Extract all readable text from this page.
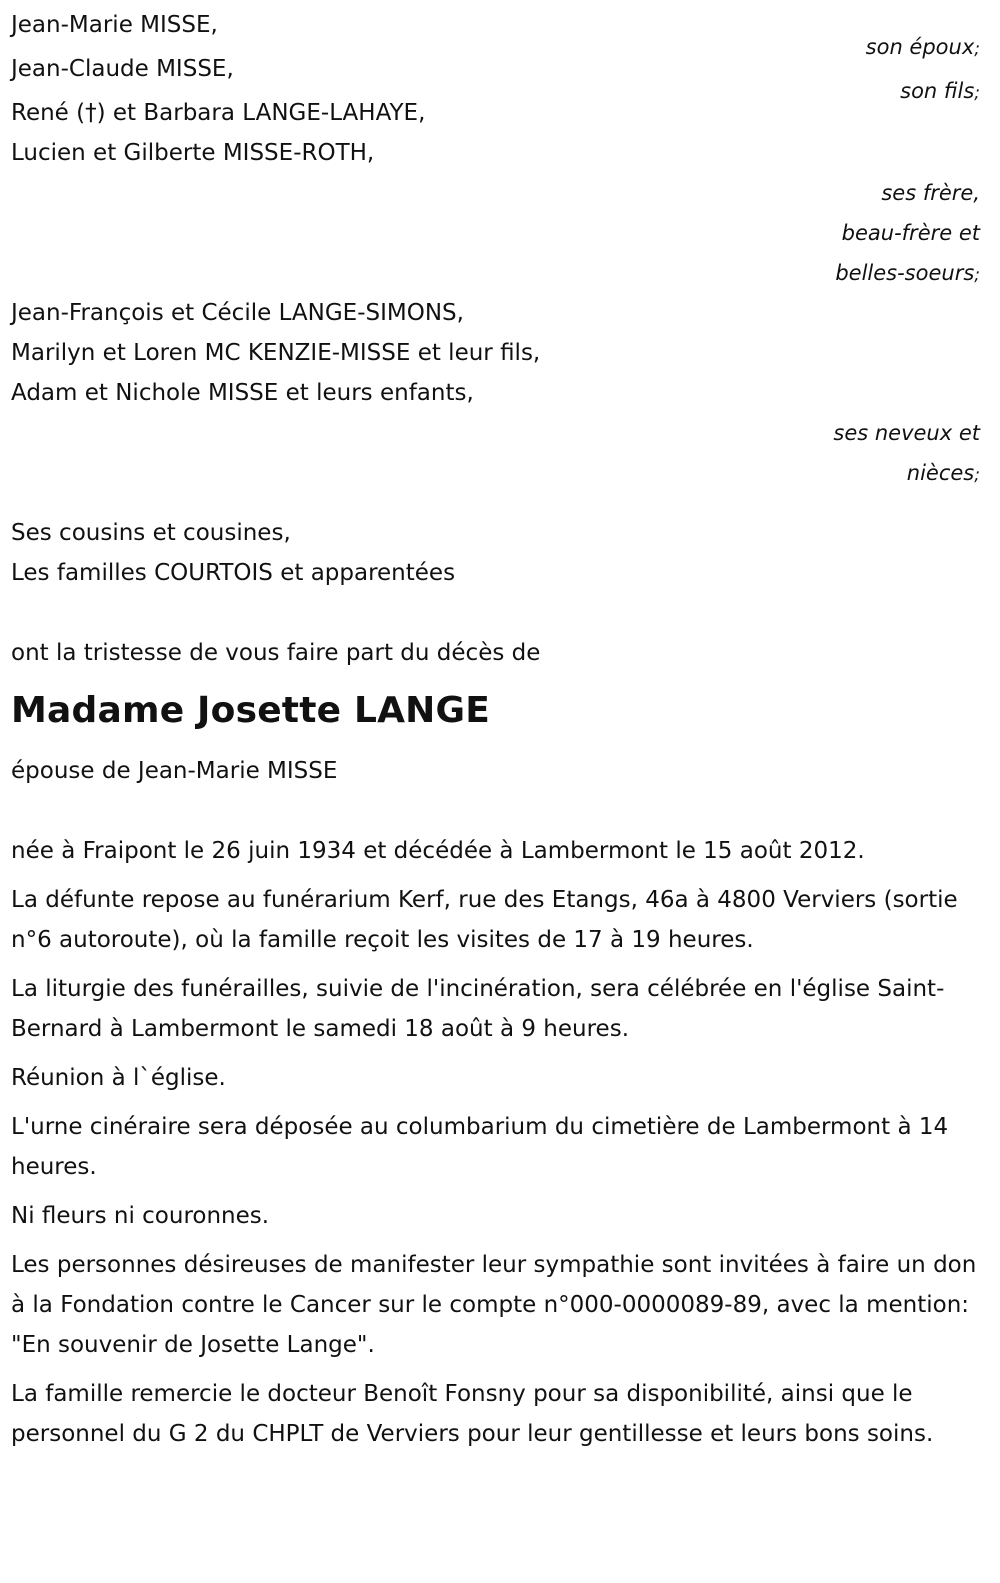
Jean-Marie MISSE,
son époux;
Jean-Claude MISSE,
son fils;
René (†) et Barbara LANGE-LAHAYE,
Lucien et Gilberte MISSE-ROTH,
ses frère,
beau-frère et
belles-soeurs;
Jean-François et Cécile LANGE-SIMONS,
Marilyn et Loren MC KENZIE-MISSE et leur fils,
Adam et Nichole MISSE et leurs enfants,
ses neveux et
nièces;
Ses cousins et cousines,
Les familles COURTOIS et apparentées
ont la tristesse de vous faire part du décès de
Madame Josette LANGE
épouse de Jean-Marie MISSE
née à Fraipont le 26 juin 1934 et décédée à Lambermont le 15 août 2012.
La défunte repose au funérarium Kerf, rue des Etangs, 46a à 4800 Verviers (sortie n°6 autoroute), où la famille reçoit les visites de 17 à 19 heures.
La liturgie des funérailles, suivie de l'incinération, sera célébrée en l'église Saint-Bernard à Lambermont le samedi 18 août à 9 heures.
Réunion à l`église.
L'urne cinéraire sera déposée au columbarium du cimetière de Lambermont à 14 heures.
Ni fleurs ni couronnes.
Les personnes désireuses de manifester leur sympathie sont invitées à faire un don à la Fondation contre le Cancer sur le compte n°000-0000089-89, avec la mention: "En souvenir de Josette Lange".
La famille remercie le docteur Benoît Fonsny pour sa disponibilité, ainsi que le personnel du G 2 du CHPLT de Verviers pour leur gentillesse et leurs bons soins.
